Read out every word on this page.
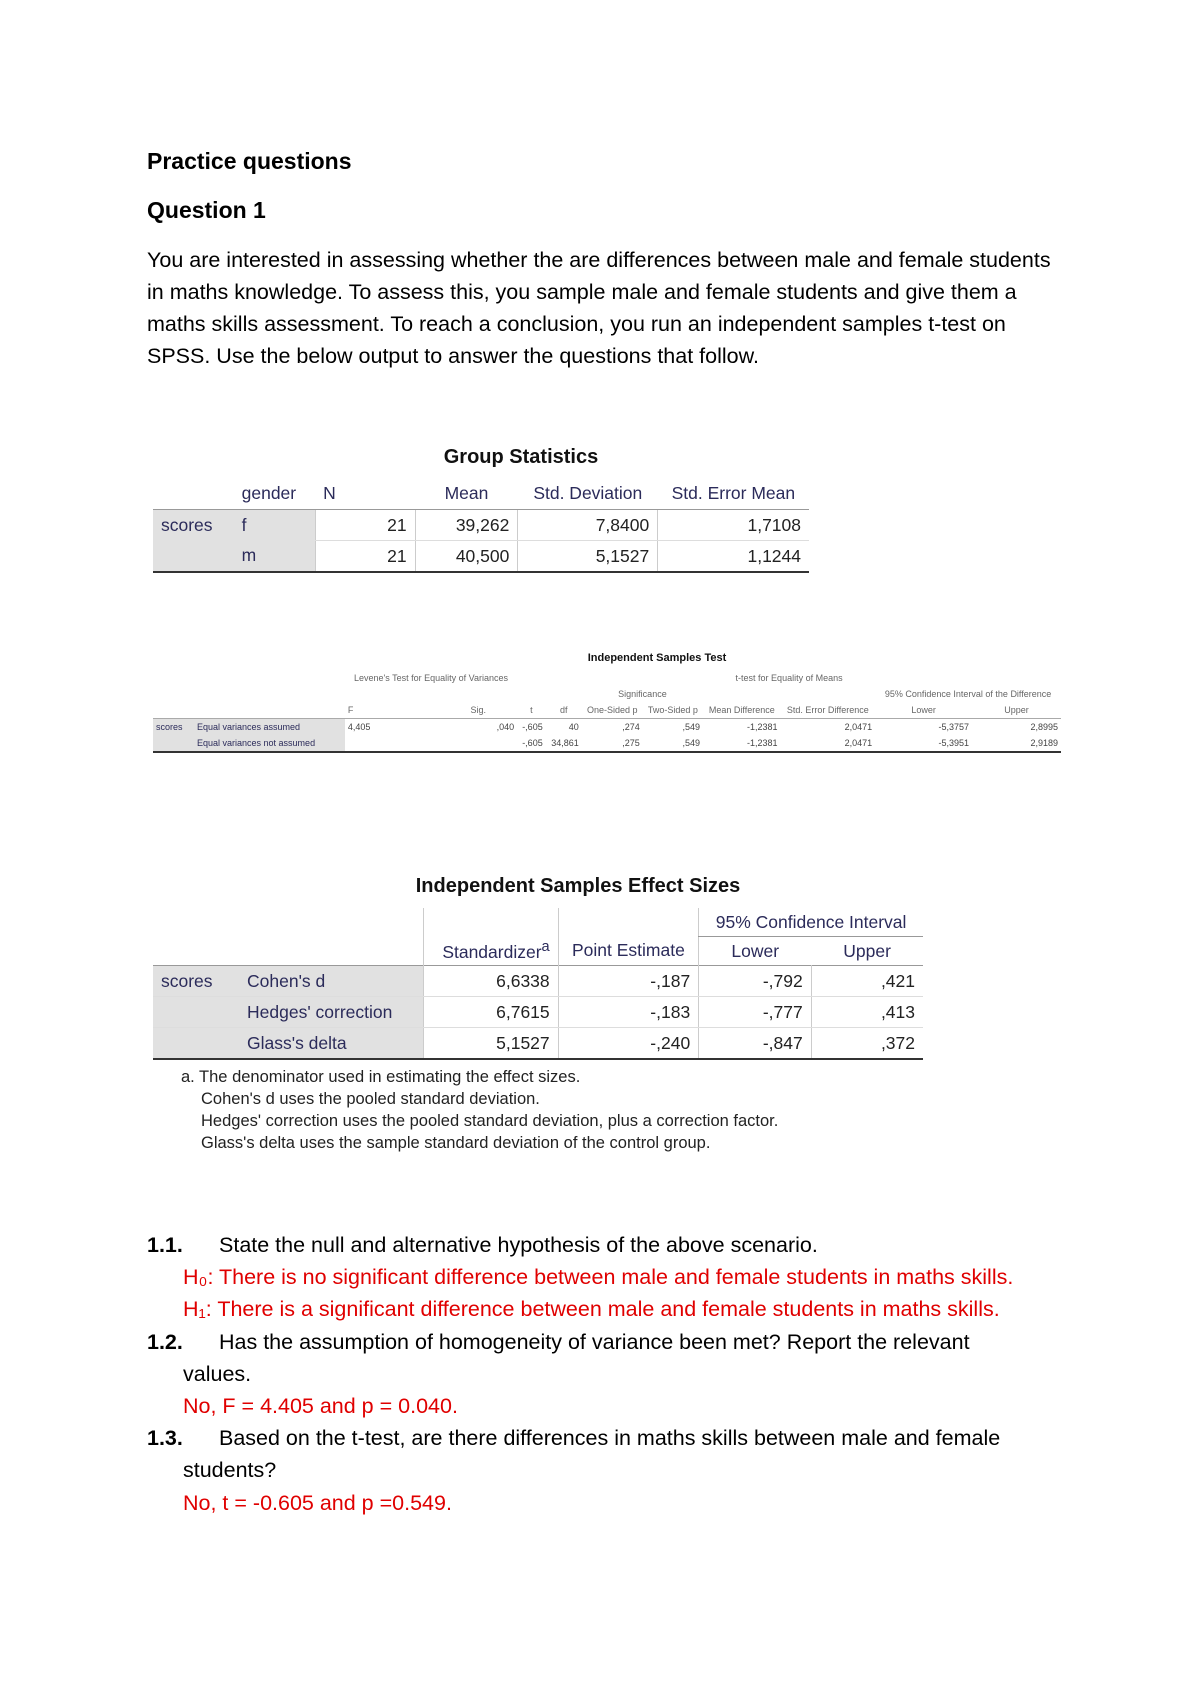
Practice questions
Question 1

You are interested in assessing whether the are differences between male and female students in maths knowledge. To assess this, you sample male and female students and give them a maths skills assessment. To reach a conclusion, you run an independent samples t-test on SPSS. Use the below output to answer the questions that follow.

Group Statistics
	gender	N	Mean	Std. Deviation	Std. Error Mean
scores	f	21	39,262	7,8400	1,7108
	m	21	40,500	5,1527	1,1244
Independent Samples Test
		Levene's Test for Equality of Variances		t-test for Equality of Means							
						Significance				95% Confidence Interval of the Difference	
		F	Sig.	t	df	One-Sided p	Two-Sided p	Mean Difference	Std. Error Difference	Lower	Upper
scores	Equal variances assumed	4,405	,040	-,605	40	,274	,549	-1,2381	2,0471	-5,3757	2,8995
	Equal variances not assumed			-,605	34,861	,275	,549	-1,2381	2,0471	-5,3951	2,9189
Independent Samples Effect Sizes
				95% Confidence Interval	
		Standardizer$^a$	Point Estimate	Lower	Upper
scores	Cohen's d	6,6338	-,187	-,792	,421
	Hedges' correction	6,7615	-,183	-,777	,413
	Glass's delta	5,1527	-,240	-,847	,372
a. The denominator used in estimating the effect sizes.
Cohen's d uses the pooled standard deviation.
Hedges' correction uses the pooled standard deviation, plus a correction factor.
Glass's delta uses the sample standard deviation of the control group.
1.1.	State the null and alternative hypothesis of the above scenario.
H₀: There is no significant difference between male and female students in maths skills.
H₁: There is a significant difference between male and female students in maths skills.
1.2.	Has the assumption of homogeneity of variance been met? Report the relevant
values.
No, F = 4.405 and p = 0.040.
1.3.	Based on the t-test, are there differences in maths skills between male and female
students?
No, t = -0.605 and p =0.549.
